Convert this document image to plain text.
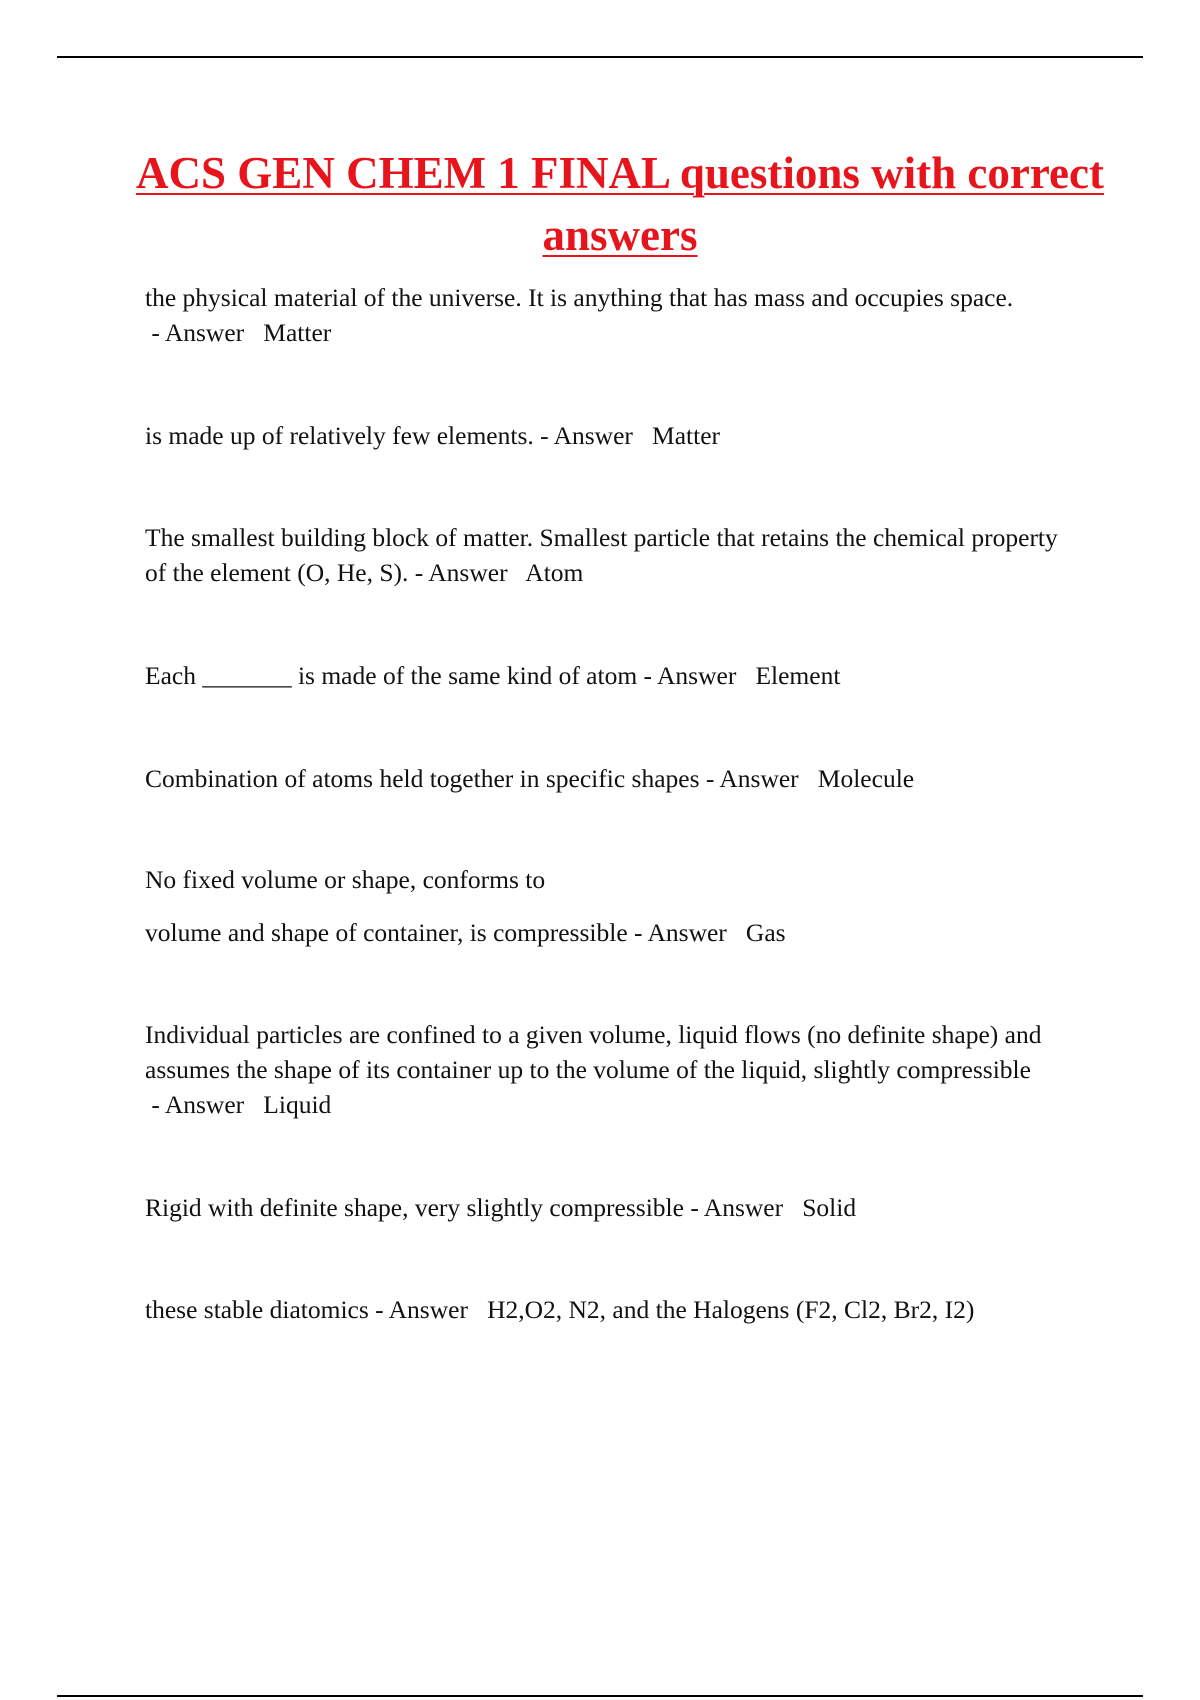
ACS GEN CHEM 1 FINAL questions with correct answers

the physical material of the universe. It is anything that has mass and occupies space. - Answer   Matter

is made up of relatively few elements. - Answer   Matter

The smallest building block of matter. Smallest particle that retains the chemical property of the element (O, He, S). - Answer   Atom

Each _______ is made of the same kind of atom - Answer   Element

Combination of atoms held together in specific shapes - Answer   Molecule

No fixed volume or shape, conforms to
volume and shape of container, is compressible - Answer   Gas

Individual particles are confined to a given volume, liquid flows (no definite shape) and assumes the shape of its container up to the volume of the liquid, slightly compressible - Answer   Liquid

Rigid with definite shape, very slightly compressible - Answer   Solid

these stable diatomics - Answer   H2,O2, N2, and the Halogens (F2, Cl2, Br2, I2)
